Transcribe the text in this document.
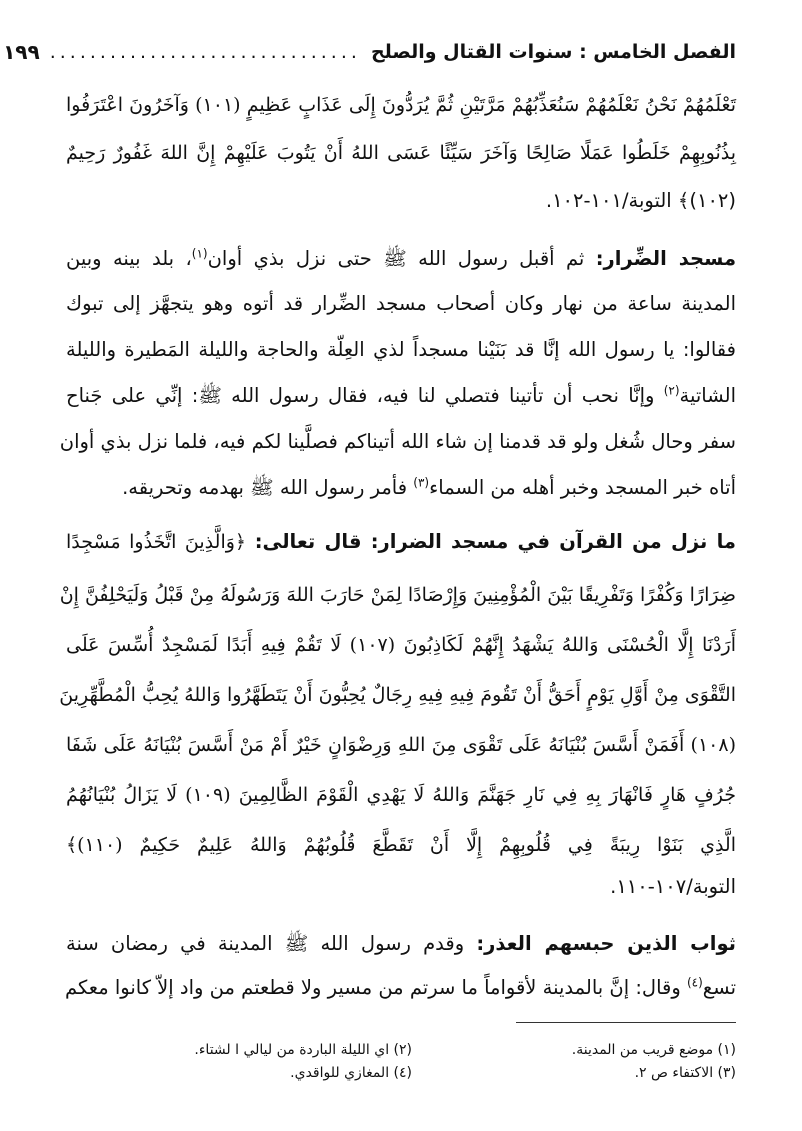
الفصل الخامس : سنوات القتال والصلح
...............................
١٩٩
تَعْلَمُهُمْ نَحْنُ نَعْلَمُهُمْ سَنُعَذِّبُهُمْ مَرَّتَيْنِ ثُمَّ يُرَدُّونَ إِلَى عَذَابٍ عَظِيمٍ (١٠١) وَآخَرُونَ اعْتَرَفُوا
بِذُنُوبِهِمْ خَلَطُوا عَمَلًا صَالِحًا وَآخَرَ سَيِّئًا عَسَى اللهُ أَنْ يَتُوبَ عَلَيْهِمْ إِنَّ اللهَ غَفُورٌ رَحِيمٌ
(١٠٢)﴾ التوبة/١٠١-١٠٢.
مسجد الضِّرار: ثم أقبل رسول الله ﷺ حتى نزل بذي أوان$^{(١)}$، بلد بينه وبين
المدينة ساعة من نهار وكان أصحاب مسجد الضِّرار قد أتوه وهو يتجهَّز إلى تبوك
فقالوا: يا رسول الله إنَّا قد بَنَيْنا مسجداً لذي العِلّة والحاجة والليلة المَطيرة والليلة
الشاتية$^{(٢)}$ وإنَّا نحب أن تأتينا فتصلي لنا فيه، فقال رسول الله ﷺ: إنِّي على جَناح
سفر وحال شُغل ولو قد قدمنا إن شاء الله أتيناكم فصلَّينا لكم فيه، فلما نزل بذي أوان
أتاه خبر المسجد وخبر أهله من السماء$^{(٣)}$ فأمر رسول الله ﷺ بهدمه وتحريقه.
ما نزل من القرآن في مسجد الضرار: قال تعالى: ﴿وَالَّذِينَ اتَّخَذُوا مَسْجِدًا
ضِرَارًا وَكُفْرًا وَتَفْرِيقًا بَيْنَ الْمُؤْمِنِينَ وَإِرْصَادًا لِمَنْ حَارَبَ اللهَ وَرَسُولَهُ مِنْ قَبْلُ وَلَيَحْلِفُنَّ إِنْ
أَرَدْنَا إِلَّا الْحُسْنَى وَاللهُ يَشْهَدُ إِنَّهُمْ لَكَاذِبُونَ (١٠٧) لَا تَقُمْ فِيهِ أَبَدًا لَمَسْجِدٌ أُسِّسَ عَلَى
التَّقْوَى مِنْ أَوَّلِ يَوْمٍ أَحَقُّ أَنْ تَقُومَ فِيهِ فِيهِ رِجَالٌ يُحِبُّونَ أَنْ يَتَطَهَّرُوا وَاللهُ يُحِبُّ الْمُطَّهِّرِينَ
(١٠٨) أَفَمَنْ أَسَّسَ بُنْيَانَهُ عَلَى تَقْوَى مِنَ اللهِ وَرِضْوَانٍ خَيْرٌ أَمْ مَنْ أَسَّسَ بُنْيَانَهُ عَلَى شَفَا
جُرُفٍ هَارٍ فَانْهَارَ بِهِ فِي نَارِ جَهَنَّمَ وَاللهُ لَا يَهْدِي الْقَوْمَ الظَّالِمِينَ (١٠٩) لَا يَزَالُ بُنْيَانُهُمُ
الَّذِي بَنَوْا رِيبَةً فِي قُلُوبِهِمْ إِلَّا أَنْ تَقَطَّعَ قُلُوبُهُمْ وَاللهُ عَلِيمٌ حَكِيمٌ (١١٠)﴾
التوبة/١٠٧-١١٠.
ثواب الذين حبسهم العذر: وقدم رسول الله ﷺ المدينة في رمضان سنة
تسع$^{(٤)}$ وقال: إنَّ بالمدينة لأقواماً ما سرتم من مسير ولا قطعتم من واد إلاّ كانوا معكم
(١) موضع قريب من المدينة.
(٢) اي الليلة الباردة من ليالي ا لشتاء.
(٣) الاكتفاء ص ٢.
(٤) المغازي للواقدي.
